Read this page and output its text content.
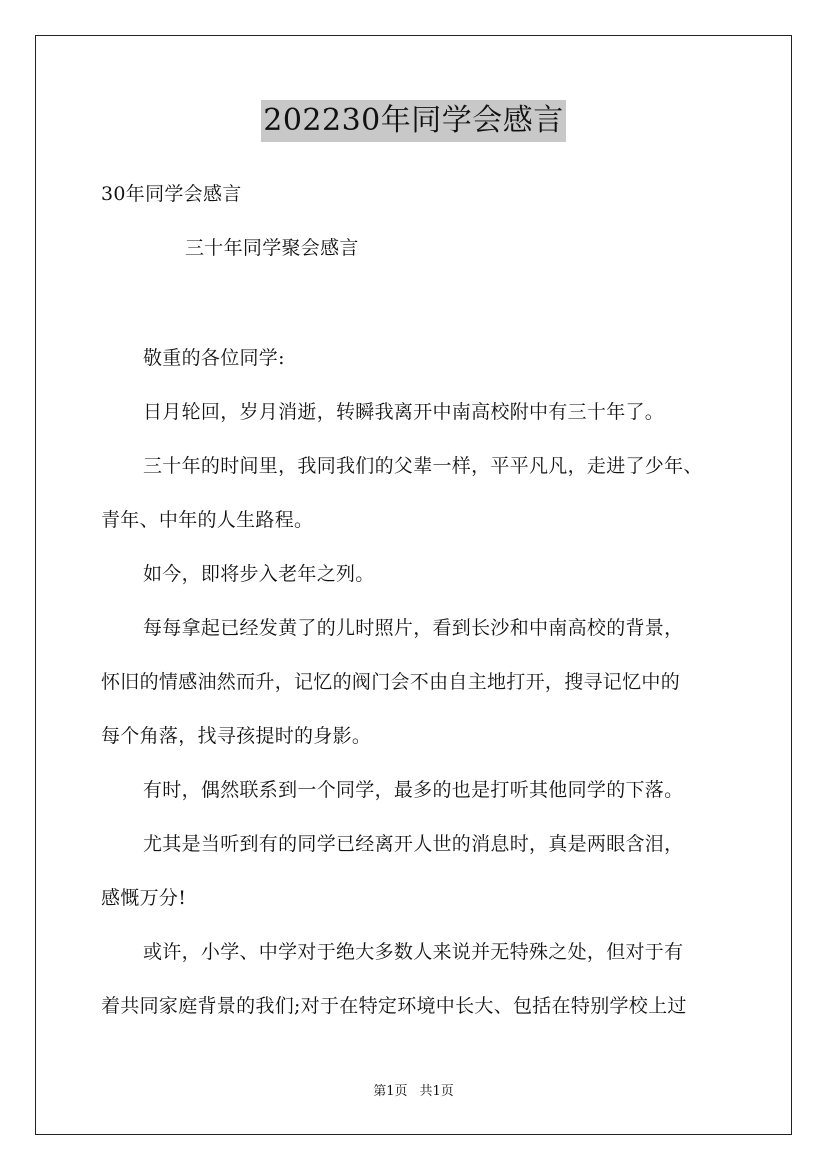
202230年同学会感言
30年同学会感言
三十年同学聚会感言
敬重的各位同学:
日月轮回，岁月消逝，转瞬我离开中南高校附中有三十年了。
三十年的时间里，我同我们的父辈一样，平平凡凡，走进了少年、
青年、中年的人生路程。
如今，即将步入老年之列。
每每拿起已经发黄了的儿时照片，看到长沙和中南高校的背景，
怀旧的情感油然而升，记忆的阀门会不由自主地打开，搜寻记忆中的
每个角落，找寻孩提时的身影。
有时，偶然联系到一个同学，最多的也是打听其他同学的下落。
尤其是当听到有的同学已经离开人世的消息时，真是两眼含泪，
感慨万分!
或许，小学、中学对于绝大多数人来说并无特殊之处，但对于有
着共同家庭背景的我们;对于在特定环境中长大、包括在特别学校上过
第1页 共1页
